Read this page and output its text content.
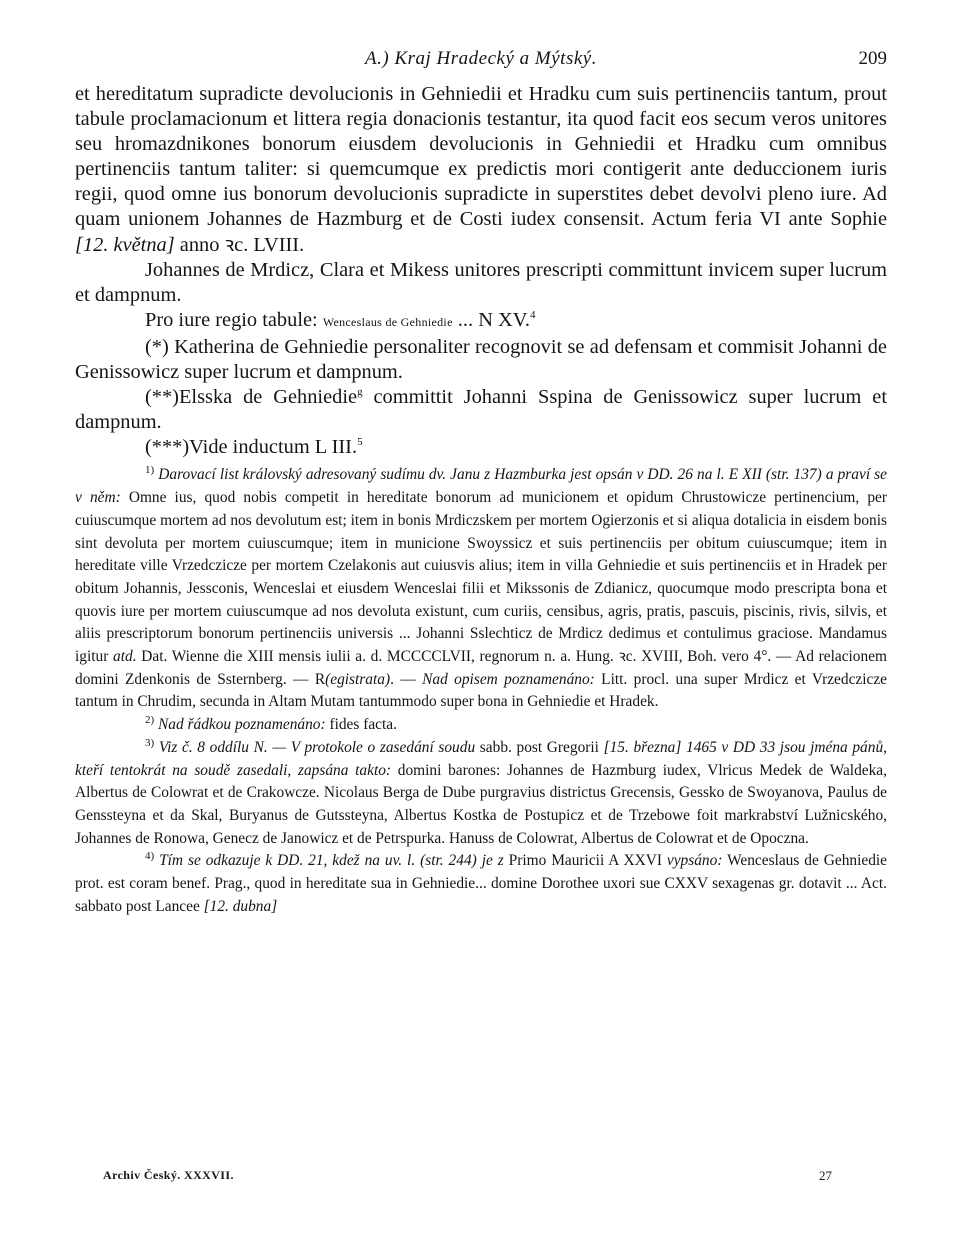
A.) Kraj Hradecký a Mýtský.	209

et hereditatum supradicte devolucionis in Gehniedii et Hradku cum suis pertinenciis tantum, prout tabule proclamacionum et littera regia donacionis testantur, ita quod facit eos secum veros unitores seu hromazdnikones bonorum eiusdem devolucionis in Gehniedii et Hradku cum omnibus pertinenciis tantum taliter: si quemcumque ex predictis mori contigerit ante deduccionem iuris regii, quod omne ius bonorum devolucionis supradicte in superstites debet devolvi pleno iure. Ad quam unionem Johannes de Hazmburg et de Costi iudex consensit. Actum feria VI ante Sophie [12. května] anno ꝛc. LVIII.

Johannes de Mrdicz, Clara et Mikess unitores prescripti committunt invicem super lucrum et dampnum.

Pro iure regio tabule: Wenceslaus de Gehniedie ... N XV.$^4$

(*) Katherina de Gehniedie personaliter recognovit se ad defensam et commisit Johanni de Genissowicz super lucrum et dampnum.

(**)Elsska de Gehniedie$^g$ committit Johanni Sspina de Genissowicz super lucrum et dampnum.

(***)Vide inductum L III.$^5$

$^{1)}$ Darovací list královský adresovaný sudímu dv. Janu z Hazmburka jest opsán v DD. 26 na l. E XII (str. 137) a praví se v něm: Omne ius, quod nobis competit in hereditate bonorum ad municionem et opidum Chrustowicze pertinencium, per cuiuscumque mortem ad nos devolutum est; item in bonis Mrdiczskem per mortem Ogierzonis et si aliqua dotalicia in eisdem bonis sint devoluta per mortem cuiuscumque; item in municione Swoyssicz et suis pertinenciis per obitum cuiuscumque; item in hereditate ville Vrzedczicze per mortem Czelakonis aut cuiusvis alius; item in villa Gehniedie et suis pertinenciis et in Hradek per obitum Johannis, Jessconis, Wenceslai et eiusdem Wenceslai filii et Mikssonis de Zdianicz, quocumque modo prescripta bona et quovis iure per mortem cuiuscumque ad nos devoluta existunt, cum curiis, censibus, agris, pratis, pascuis, piscinis, rivis, silvis, et aliis prescriptorum bonorum pertinenciis universis ... Johanni Sslechticz de Mrdicz dedimus et contulimus graciose. Mandamus igitur atd. Dat. Wienne die XIII mensis iulii a. d. MCCCCLVII, regnorum n. a. Hung. ꝛc. XVIII, Boh. vero 4°. — Ad relacionem domini Zdenkonis de Ssternberg. — R(egistrata). — Nad opisem poznamenáno: Litt. procl. una super Mrdicz et Vrzedczicze tantum in Chrudim, secunda in Altam Mutam tantummodo super bona in Gehniedie et Hradek.

$^{2)}$ Nad řádkou poznamenáno: fides facta.

$^{3)}$ Viz č. 8 oddílu N. — V protokole o zasedání soudu sabb. post Gregorii [15. března] 1465 v DD 33 jsou jména pánů, kteří tentokrát na soudě zasedali, zapsána takto: domini barones: Johannes de Hazmburg iudex, Vlricus Medek de Waldeka, Albertus de Colowrat et de Crakowcze. Nicolaus Berga de Dube purgravius districtus Grecensis, Gessko de Swoyanova, Paulus de Genssteyna et da Skal, Buryanus de Gutssteyna, Albertus Kostka de Postupicz et de Trzebowe foit markrabství Lužnicského, Johannes de Ronowa, Genecz de Janowicz et de Petrspurka. Hanuss de Colowrat, Albertus de Colowrat et de Opoczna.

$^{4)}$ Tím se odkazuje k DD. 21, kdež na uv. l. (str. 244) je z Primo Mauricii A XXVI vypsáno: Wenceslaus de Gehniedie prot. est coram benef. Prag., quod in hereditate sua in Gehniedie... domine Dorothee uxori sue CXXV sexagenas gr. dotavit ... Act. sabbato post Lancee [12. dubna]

Archiv Český. XXXVII.	27
